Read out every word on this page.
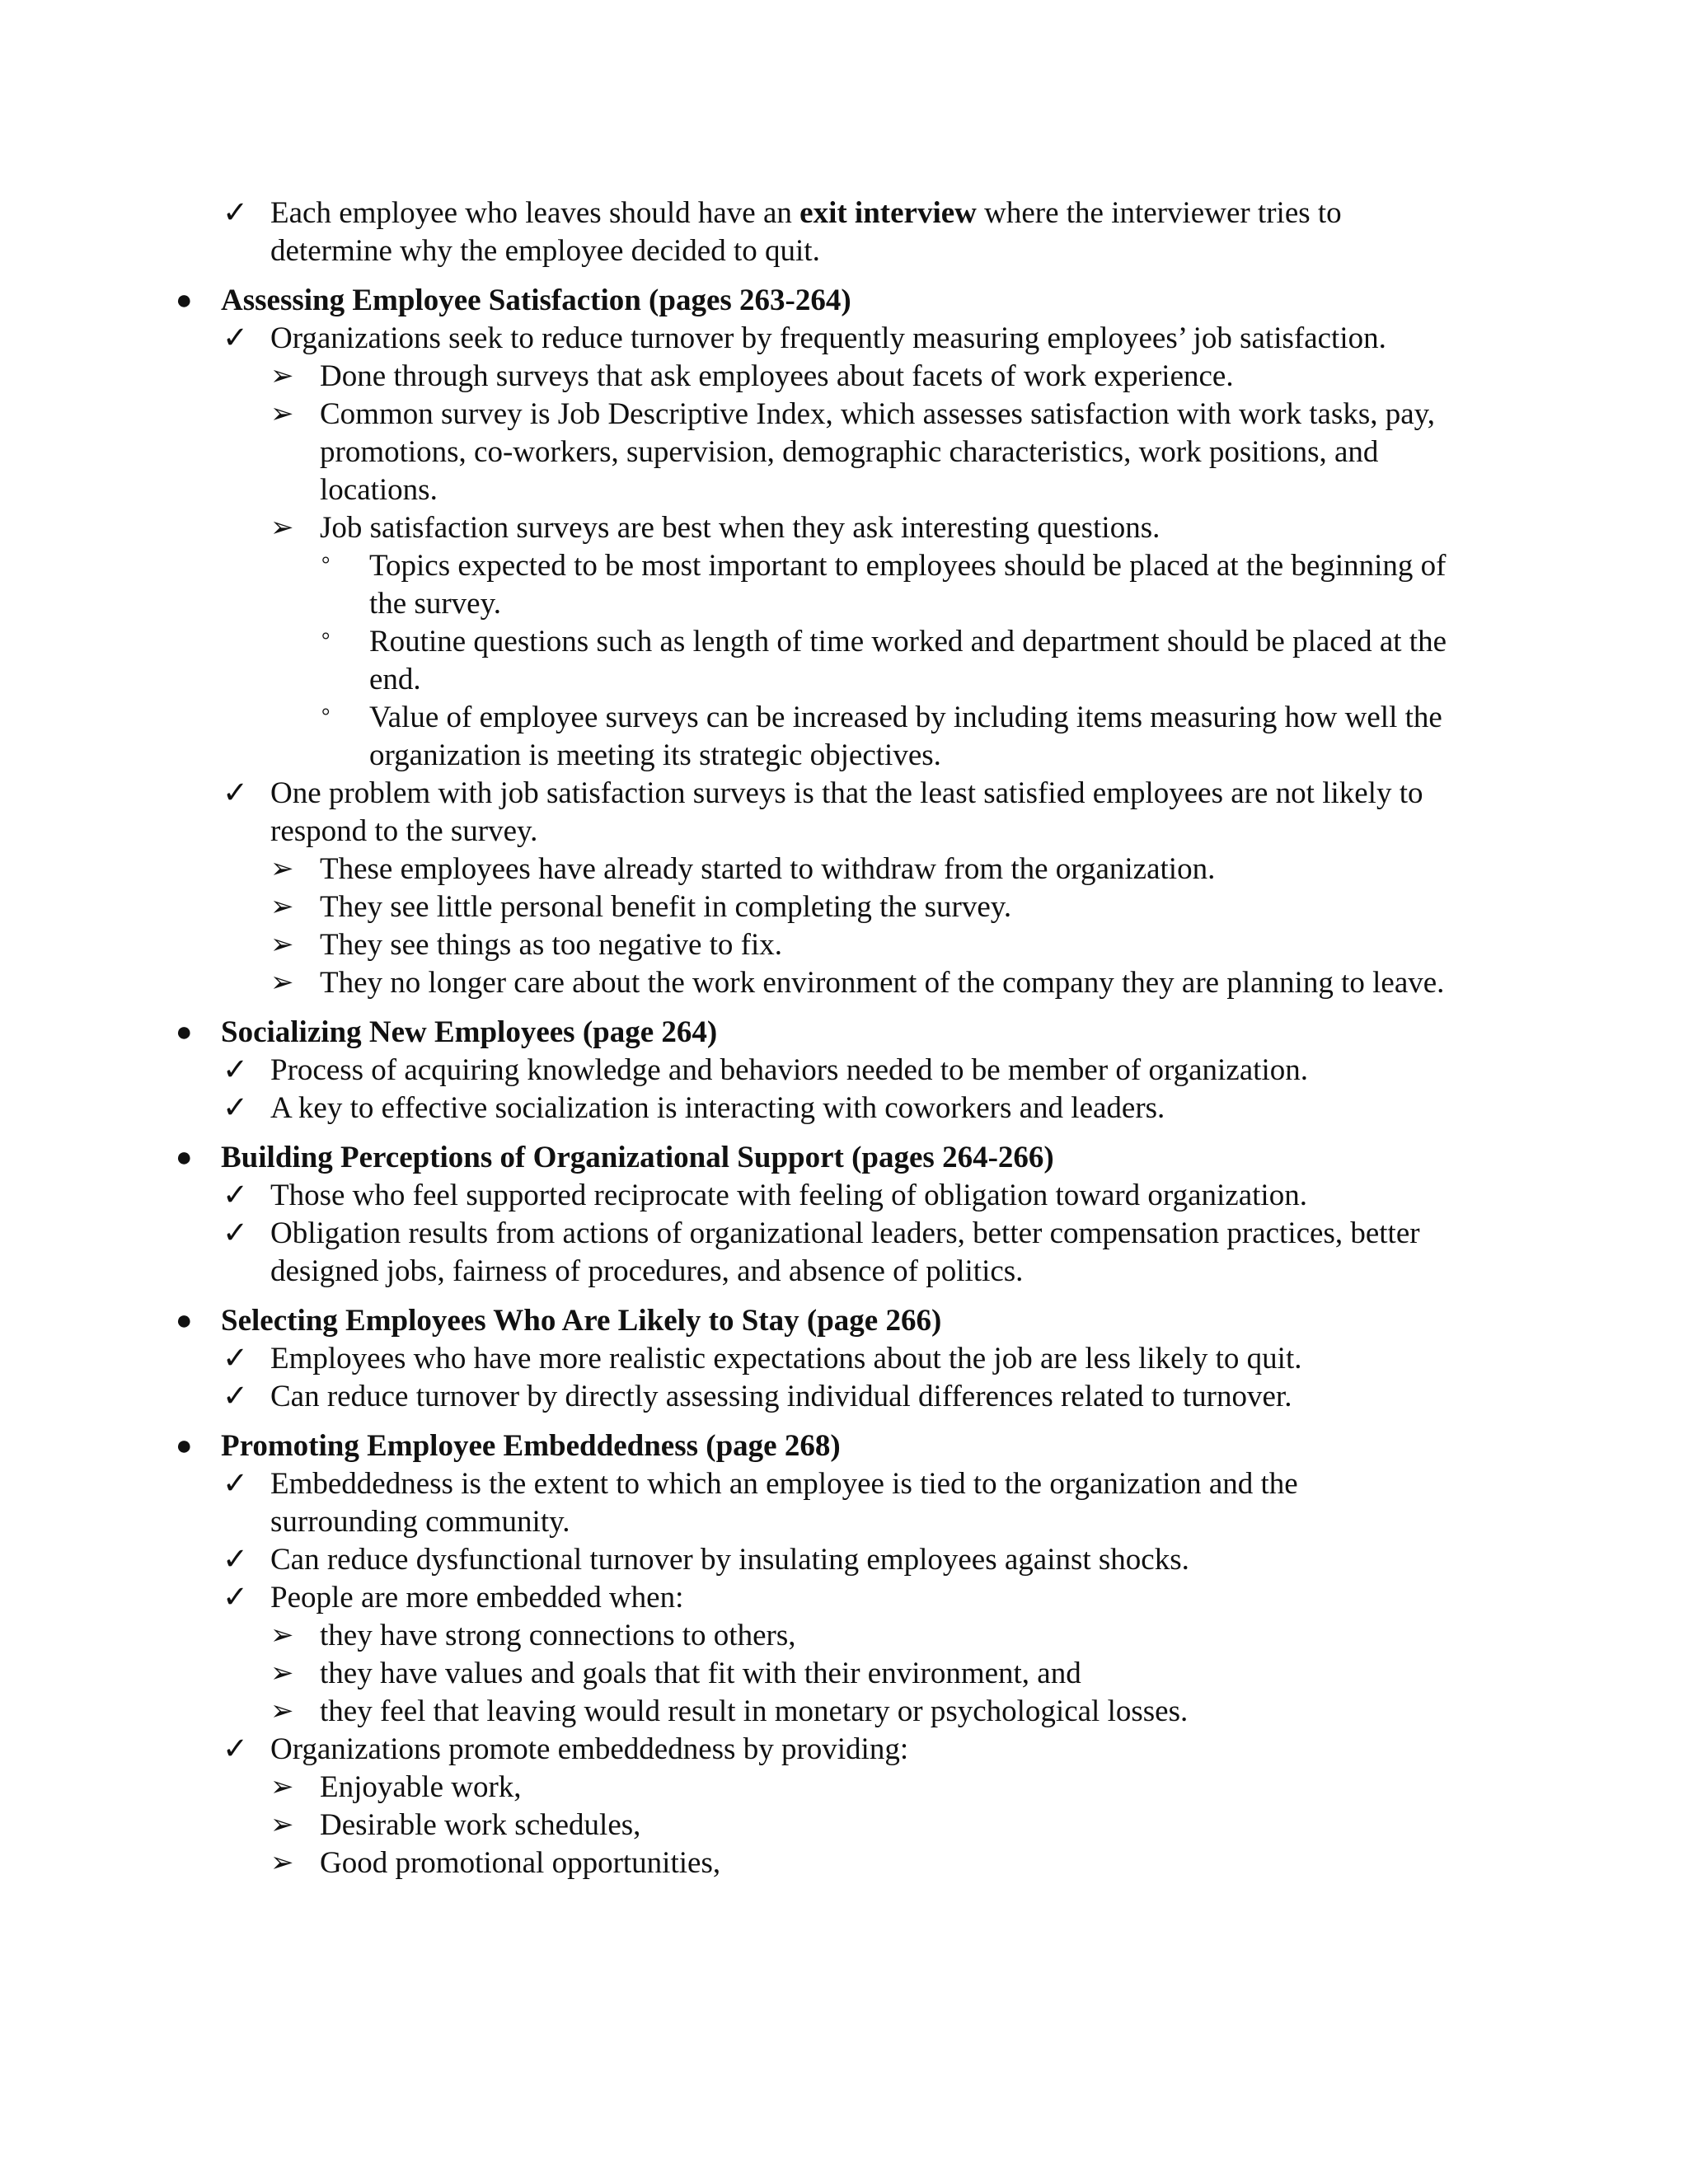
✓ Each employee who leaves should have an exit interview where the interviewer tries to determine why the employee decided to quit.
● Assessing Employee Satisfaction (pages 263-264)
✓ Organizations seek to reduce turnover by frequently measuring employees’ job satisfaction.
➢ Done through surveys that ask employees about facets of work experience.
➢ Common survey is Job Descriptive Index, which assesses satisfaction with work tasks, pay, promotions, co-workers, supervision, demographic characteristics, work positions, and locations.
➢ Job satisfaction surveys are best when they ask interesting questions.
° Topics expected to be most important to employees should be placed at the beginning of the survey.
° Routine questions such as length of time worked and department should be placed at the end.
° Value of employee surveys can be increased by including items measuring how well the organization is meeting its strategic objectives.
✓ One problem with job satisfaction surveys is that the least satisfied employees are not likely to respond to the survey.
➢ These employees have already started to withdraw from the organization.
➢ They see little personal benefit in completing the survey.
➢ They see things as too negative to fix.
➢ They no longer care about the work environment of the company they are planning to leave.
● Socializing New Employees (page 264)
✓ Process of acquiring knowledge and behaviors needed to be member of organization.
✓ A key to effective socialization is interacting with coworkers and leaders.
● Building Perceptions of Organizational Support (pages 264-266)
✓ Those who feel supported reciprocate with feeling of obligation toward organization.
✓ Obligation results from actions of organizational leaders, better compensation practices, better designed jobs, fairness of procedures, and absence of politics.
● Selecting Employees Who Are Likely to Stay (page 266)
✓ Employees who have more realistic expectations about the job are less likely to quit.
✓ Can reduce turnover by directly assessing individual differences related to turnover.
● Promoting Employee Embeddedness (page 268)
✓ Embeddedness is the extent to which an employee is tied to the organization and the surrounding community.
✓ Can reduce dysfunctional turnover by insulating employees against shocks.
✓ People are more embedded when:
➢ they have strong connections to others,
➢ they have values and goals that fit with their environment, and
➢ they feel that leaving would result in monetary or psychological losses.
✓ Organizations promote embeddedness by providing:
➢ Enjoyable work,
➢ Desirable work schedules,
➢ Good promotional opportunities,
